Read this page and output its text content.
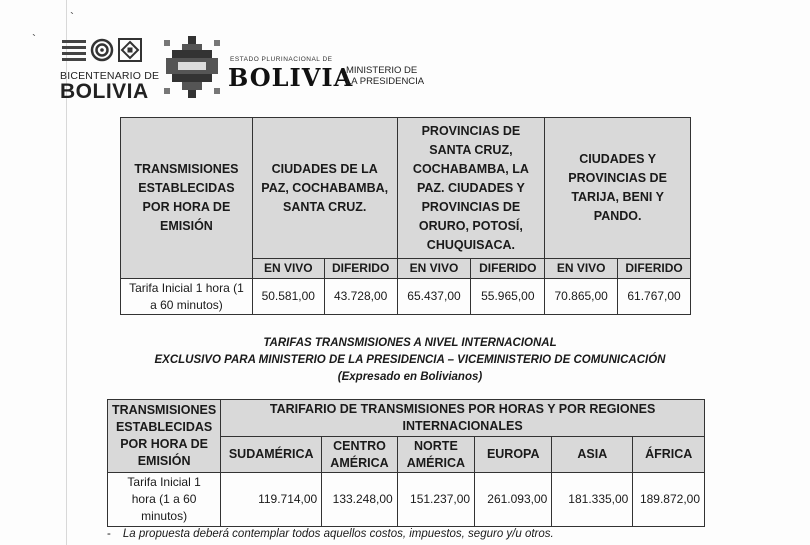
`
`
BICENTENARIO DE
BOLIVIA
ESTADO PLURINACIONAL DE
BOLIVIA
MINISTERIO DE
LA PRESIDENCIA
TRANSMISIONES ESTABLECIDAS POR HORA DE EMISIÓN	CIUDADES DE LA PAZ, COCHABAMBA, SANTA CRUZ.		PROVINCIAS DE SANTA CRUZ, COCHABAMBA, LA PAZ. CIUDADES Y PROVINCIAS DE ORURO, POTOSÍ, CHUQUISACA.		CIUDADES Y PROVINCIAS DE TARIJA, BENI Y PANDO.	
	EN VIVO	DIFERIDO	EN VIVO	DIFERIDO	EN VIVO	DIFERIDO
Tarifa Inicial 1 hora (1 a 60 minutos)	50.581,00	43.728,00	65.437,00	55.965,00	70.865,00	61.767,00
TARIFAS TRANSMISIONES A NIVEL INTERNACIONAL
EXCLUSIVO PARA MINISTERIO DE LA PRESIDENCIA – VICEMINISTERIO DE COMUNICACIÓN
(Expresado en Bolivianos)
TRANSMISIONES ESTABLECIDAS POR HORA DE EMISIÓN	TARIFARIO DE TRANSMISIONES POR HORAS Y POR REGIONES INTERNACIONALES					
	SUDAMÉRICA	CENTRO AMÉRICA	NORTE AMÉRICA	EUROPA	ASIA	ÁFRICA
Tarifa Inicial 1 hora (1 a 60 minutos)	119.714,00	133.248,00	151.237,00	261.093,00	181.335,00	189.872,00
- La propuesta deberá contemplar todos aquellos costos, impuestos, seguro y/u otros.
